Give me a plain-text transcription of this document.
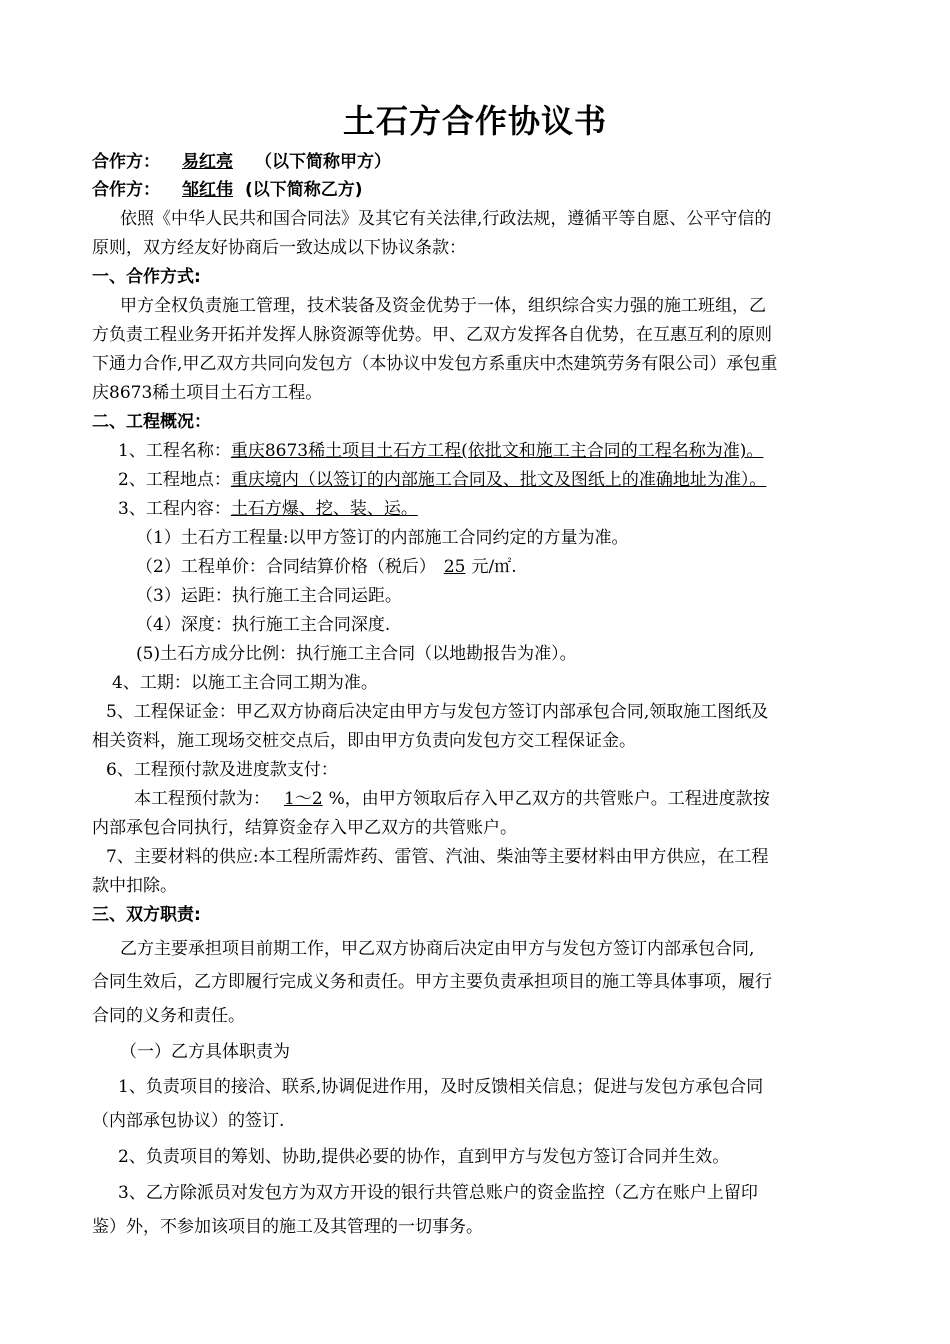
土石方合作协议书
合作方： 易红亮 （以下简称甲方）
合作方： 邹红伟 (以下简称乙方)
依照《中华人民共和国合同法》及其它有关法律,行政法规，遵循平等自愿、公平守信的
原则，双方经友好协商后一致达成以下协议条款：
一、合作方式:
甲方全权负责施工管理，技术装备及资金优势于一体，组织综合实力强的施工班组，乙
方负责工程业务开拓并发挥人脉资源等优势。甲、乙双方发挥各自优势，在互惠互利的原则
下通力合作,甲乙双方共同向发包方（本协议中发包方系重庆中杰建筑劳务有限公司）承包重
庆8673稀土项目土石方工程。
二、工程概况：
1、工程名称：重庆8673稀土项目土石方工程(依批文和施工主合同的工程名称为准)。
2、工程地点：重庆境内（以签订的内部施工合同及、批文及图纸上的准确地址为准）。
3、工程内容：土石方爆、挖、装、运。
（1）土石方工程量:以甲方签订的内部施工合同约定的方量为准。
（2）工程单价：合同结算价格（税后） 25 元/㎡.
（3）运距：执行施工主合同运距。
（4）深度：执行施工主合同深度.
(5)土石方成分比例：执行施工主合同（以地勘报告为准）。
4、工期：以施工主合同工期为准。
5、工程保证金：甲乙双方协商后决定由甲方与发包方签订内部承包合同,领取施工图纸及
相关资料，施工现场交桩交点后，即由甲方负责向发包方交工程保证金。
6、工程预付款及进度款支付：
本工程预付款为： 1～2 %，由甲方领取后存入甲乙双方的共管账户。工程进度款按
内部承包合同执行，结算资金存入甲乙双方的共管账户。
7、主要材料的供应:本工程所需炸药、雷管、汽油、柴油等主要材料由甲方供应，在工程
款中扣除。
三、双方职责:
乙方主要承担项目前期工作，甲乙双方协商后决定由甲方与发包方签订内部承包合同,
合同生效后，乙方即履行完成义务和责任。甲方主要负责承担项目的施工等具体事项，履行
合同的义务和责任。
（一）乙方具体职责为
1、负责项目的接洽、联系,协调促进作用，及时反馈相关信息；促进与发包方承包合同
（内部承包协议）的签订.
2、负责项目的筹划、协助,提供必要的协作，直到甲方与发包方签订合同并生效。
3、乙方除派员对发包方为双方开设的银行共管总账户的资金监控（乙方在账户上留印
鉴）外，不参加该项目的施工及其管理的一切事务。
